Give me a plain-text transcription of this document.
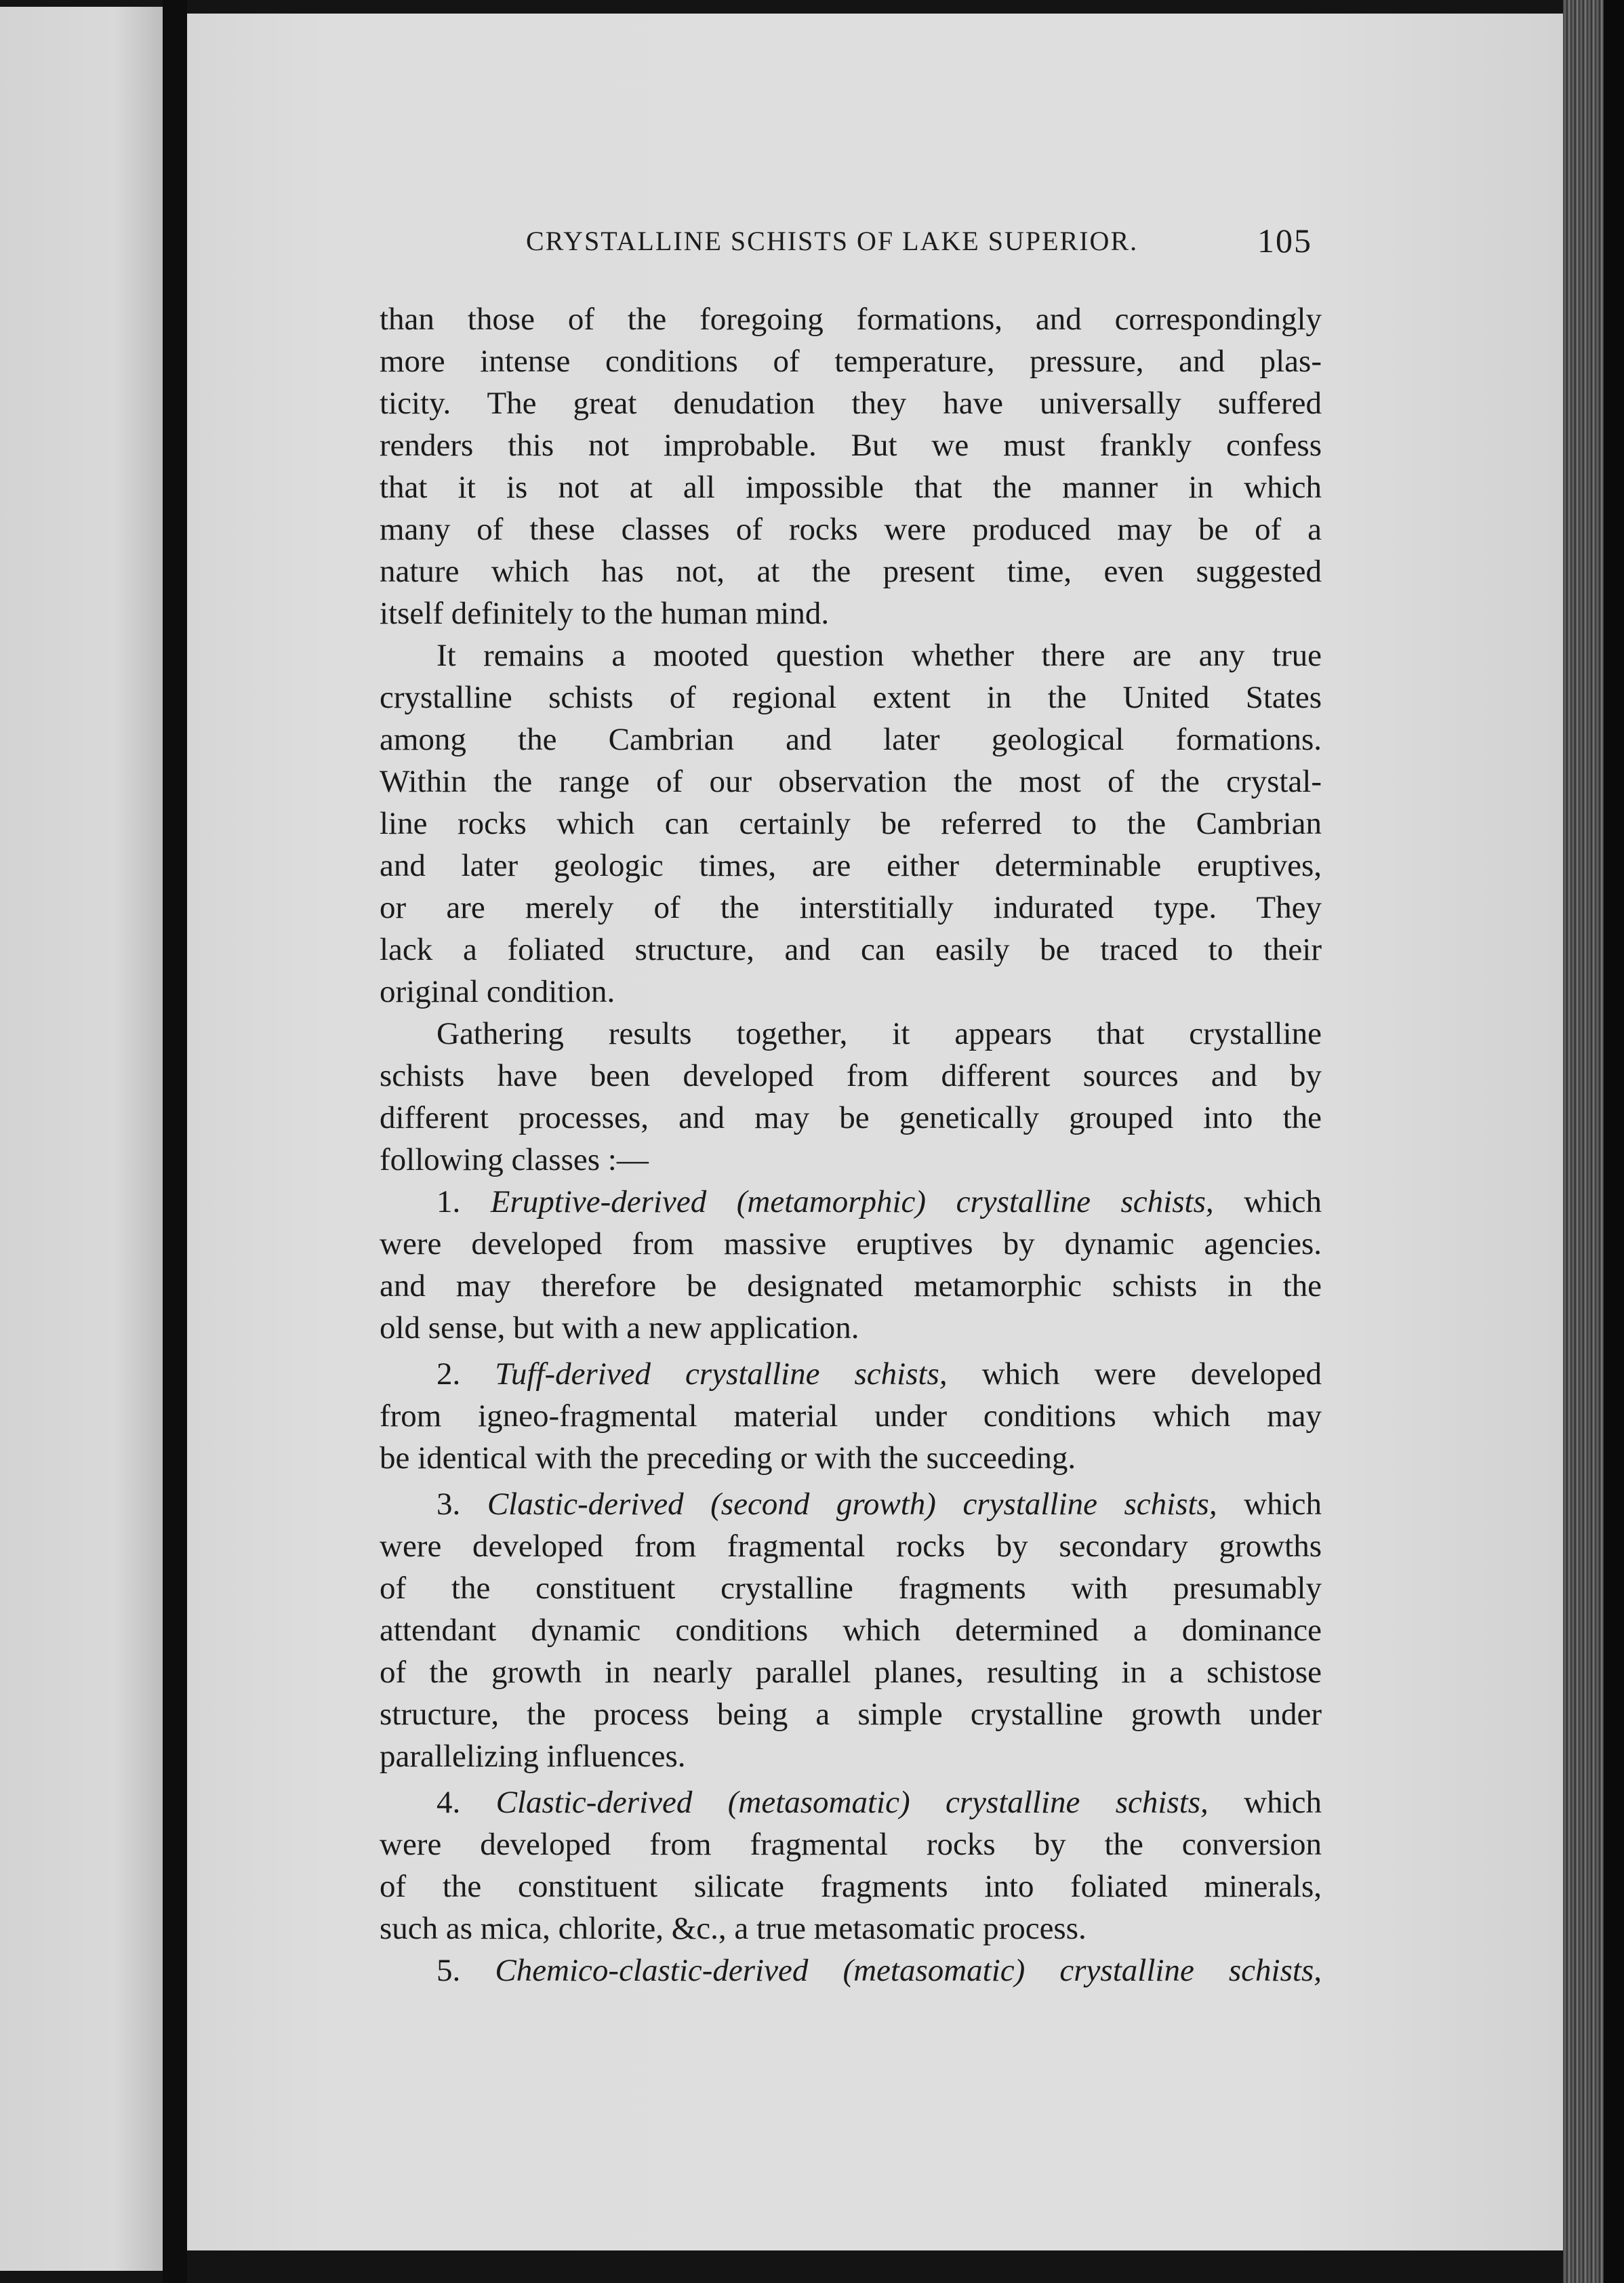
CRYSTALLINE SCHISTS OF LAKE SUPERIOR.	105
than those of the foregoing formations, and correspondingly
more intense conditions of temperature, pressure, and plas-
ticity. The great denudation they have universally suffered
renders this not improbable. But we must frankly confess
that it is not at all impossible that the manner in which
many of these classes of rocks were produced may be of a
nature which has not, at the present time, even suggested
itself definitely to the human mind.
It remains a mooted question whether there are any true
crystalline schists of regional extent in the United States
among the Cambrian and later geological formations.
Within the range of our observation the most of the crystal-
line rocks which can certainly be referred to the Cambrian
and later geologic times, are either determinable eruptives,
or are merely of the interstitially indurated type. They
lack a foliated structure, and can easily be traced to their
original condition.
Gathering results together, it appears that crystalline
schists have been developed from different sources and by
different processes, and may be genetically grouped into the
following classes :—
1. Eruptive-derived (metamorphic) crystalline schists, which
were developed from massive eruptives by dynamic agencies.
and may therefore be designated metamorphic schists in the
old sense, but with a new application.
2. Tuff-derived crystalline schists, which were developed
from igneo-fragmental material under conditions which may
be identical with the preceding or with the succeeding.
3. Clastic-derived (second growth) crystalline schists, which
were developed from fragmental rocks by secondary growths
of the constituent crystalline fragments with presumably
attendant dynamic conditions which determined a dominance
of the growth in nearly parallel planes, resulting in a schistose
structure, the process being a simple crystalline growth under
parallelizing influences.
4. Clastic-derived (metasomatic) crystalline schists, which
were developed from fragmental rocks by the conversion
of the constituent silicate fragments into foliated minerals,
such as mica, chlorite, &c., a true metasomatic process.
5. Chemico-clastic-derived (metasomatic) crystalline schists,
